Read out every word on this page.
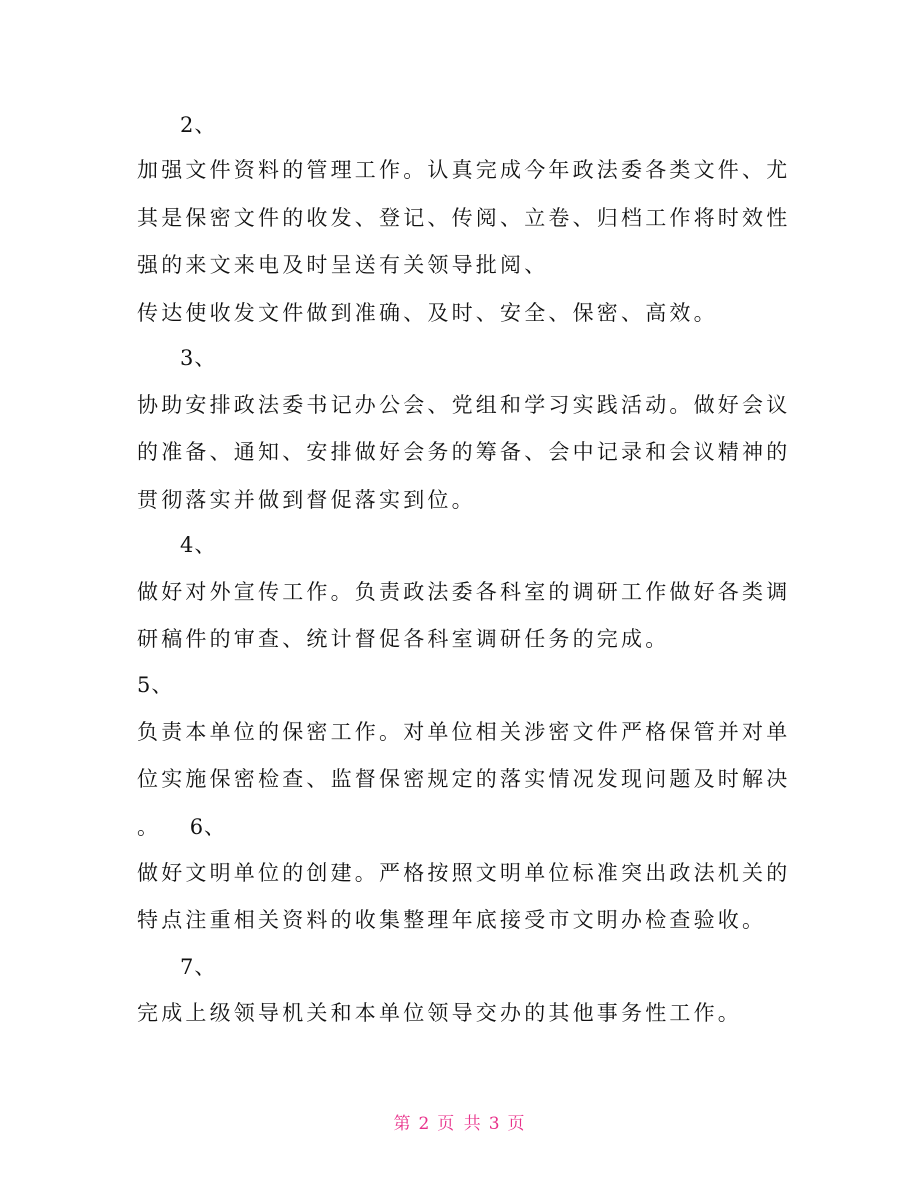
2、
加强文件资料的管理工作。认真完成今年政法委各类文件、尤
其是保密文件的收发、登记、传阅、立卷、归档工作将时效性
强的来文来电及时呈送有关领导批阅、
传达使收发文件做到准确、及时、安全、保密、高效。
3、
协助安排政法委书记办公会、党组和学习实践活动。做好会议
的准备、通知、安排做好会务的筹备、会中记录和会议精神的
贯彻落实并做到督促落实到位。
4、
做好对外宣传工作。负责政法委各科室的调研工作做好各类调
研稿件的审查、统计督促各科室调研任务的完成。
5、
负责本单位的保密工作。对单位相关涉密文件严格保管并对单
位实施保密检查、监督保密规定的落实情况发现问题及时解决
。    6、
做好文明单位的创建。严格按照文明单位标准突出政法机关的
特点注重相关资料的收集整理年底接受市文明办检查验收。
7、
完成上级领导机关和本单位领导交办的其他事务性工作。
第 2 页 共 3 页
